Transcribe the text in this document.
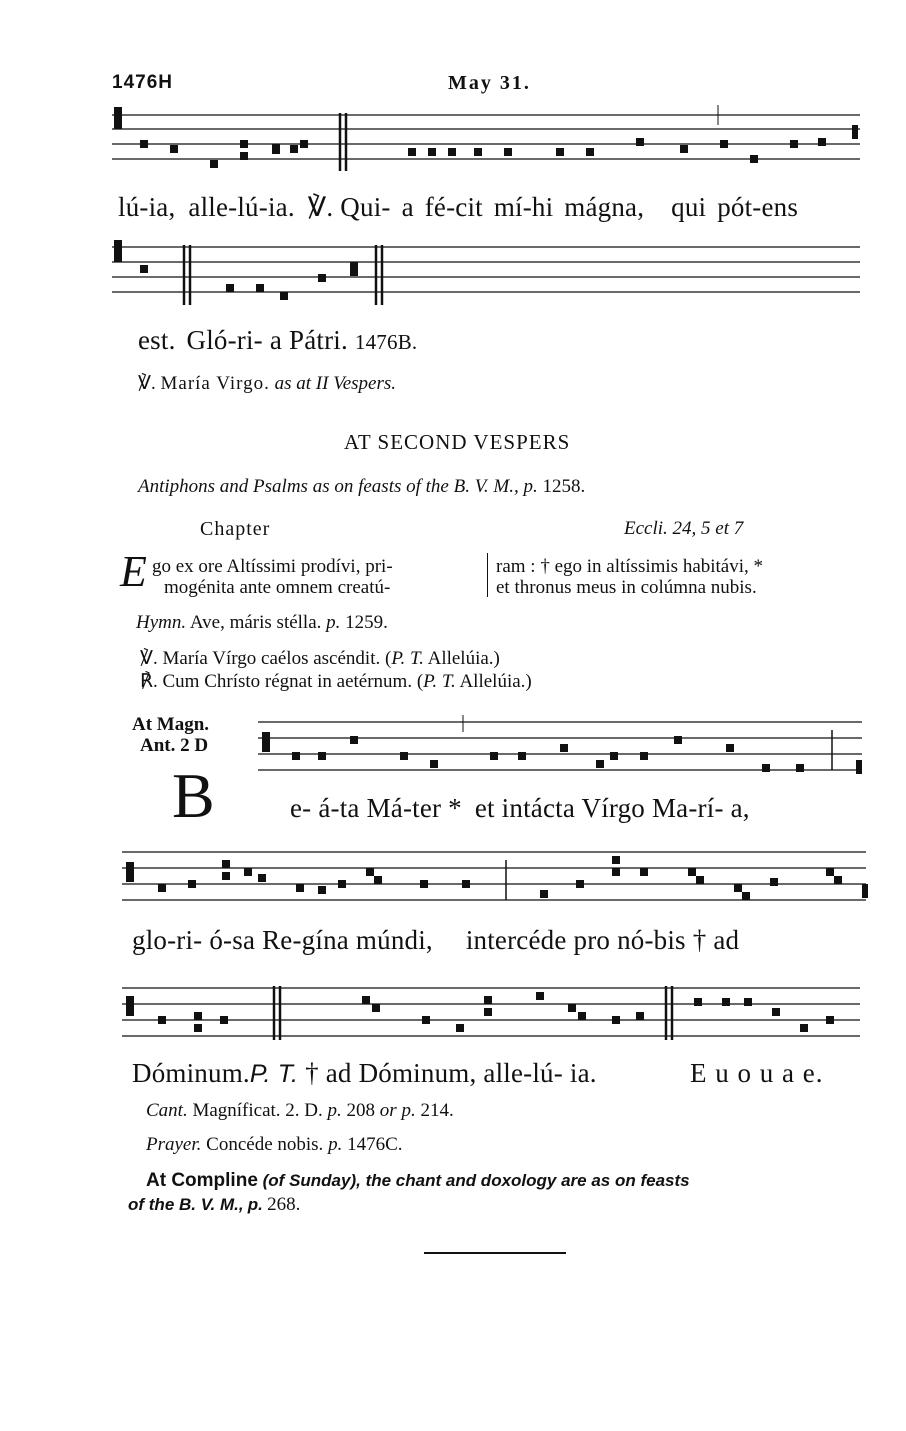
1476H	May 31.
lú-ia, alle-lú-ia. ℣. Qui- a fé-cit mí-hi mágna, qui pót-ens
est. Gló-ri- a Pátri. 1476B.
℣. María Virgo. as at II Vespers.
AT SECOND VESPERS
Antiphons and Psalms as on feasts of the B. V. M., p. 1258.
Chapter	Eccli. 24, 5 et 7
E go ex ore Altíssimi prodívi, pri-
mogénita ante omnem creatú-
ram : † ego in altíssimis habitávi, *
et thronus meus in colúmna nubis.
Hymn. Ave, máris stélla. p. 1259.
℣. María Vírgo caélos ascéndit. (P. T. Allelúia.)
℟. Cum Chrísto régnat in aetérnum. (P. T. Allelúia.)
At Magn.
Ant. 2 D
B	e- á-ta Má-ter * et intácta Vírgo Ma-rí- a,
glo-ri- ó-sa Re-gína múndi, intercéde pro nó-bis † ad
Dóminum.P. T. † ad Dóminum, alle-lú- ia.	E u o u a e.
Cant. Magníficat. 2. D. p. 208 or p. 214.
Prayer. Concéde nobis. p. 1476C.
At Compline (of Sunday), the chant and doxology are as on feasts
of the B. V. M., p. 268.
